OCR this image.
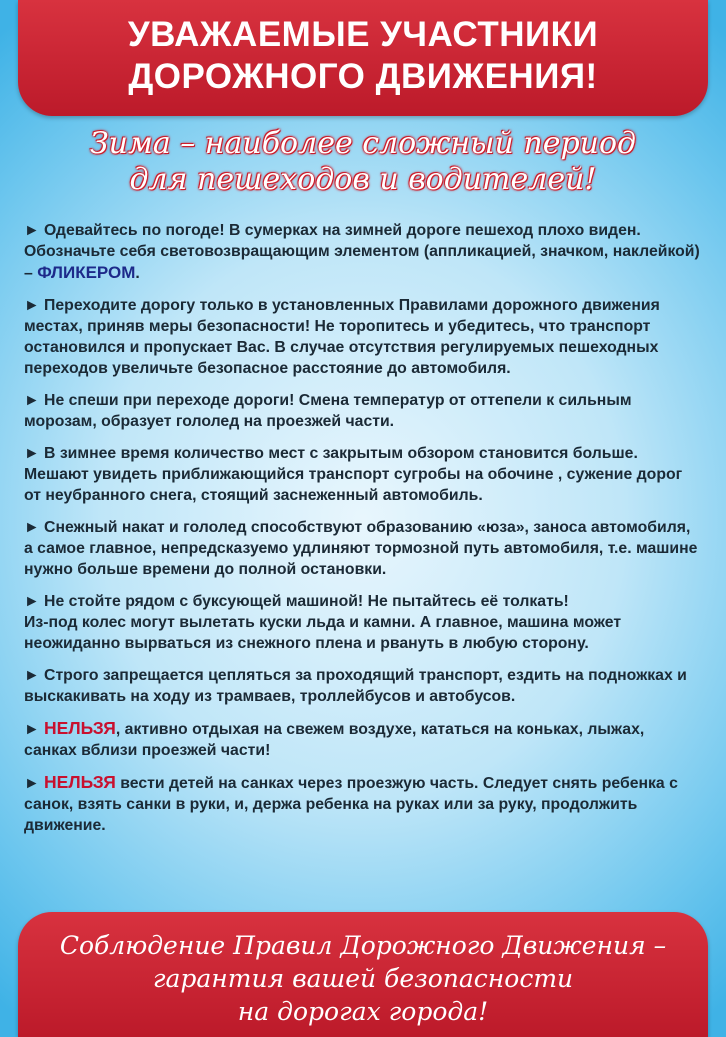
УВАЖАЕМЫЕ УЧАСТНИКИ
ДОРОЖНОГО ДВИЖЕНИЯ!
Зима – наиболее сложный период
для пешеходов и водителей!

► Одевайтесь по погоде! В сумерках на зимней дороге пешеход плохо виден. Обозначьте себя световозвращающим элементом (аппликацией, значком, наклейкой) – ФЛИКЕРОМ.

► Переходите дорогу только в установленных Правилами дорожного движения местах, приняв меры безопасности! Не торопитесь и убедитесь, что транспорт остановился и пропускает Вас. В случае отсутствия регулируемых пешеходных переходов увеличьте безопасное расстояние до автомобиля.

► Не спеши при переходе дороги! Смена температур от оттепели к сильным морозам, образует гололед на проезжей части.

► В зимнее время количество мест с закрытым обзором становится больше. Мешают увидеть приближающийся транспорт сугробы на обочине , сужение дорог от неубранного снега, стоящий заснеженный автомобиль.

► Снежный накат и гололед способствуют образованию «юза», заноса автомобиля, а самое главное, непредсказуемо удлиняют тормозной путь автомобиля, т.е. машине нужно больше времени до полной остановки.

► Не стойте рядом с буксующей машиной! Не пытайтесь её толкать!
Из-под колес могут вылетать куски льда и камни. А главное, машина может неожиданно вырваться из снежного плена и рвануть в любую сторону.

► Строго запрещается цепляться за проходящий транспорт, ездить на подножках и выскакивать на ходу из трамваев, троллейбусов и автобусов.

► НЕЛЬЗЯ, активно отдыхая на свежем воздухе, кататься на коньках, лыжах, санках вблизи проезжей части!

► НЕЛЬЗЯ вести детей на санках через проезжую часть. Следует снять ребенка с санок, взять санки в руки, и, держа ребенка на руках или за руку, продолжить движение.

Соблюдение Правил Дорожного Движения –
гарантия вашей безопасности
на дорогах города!
